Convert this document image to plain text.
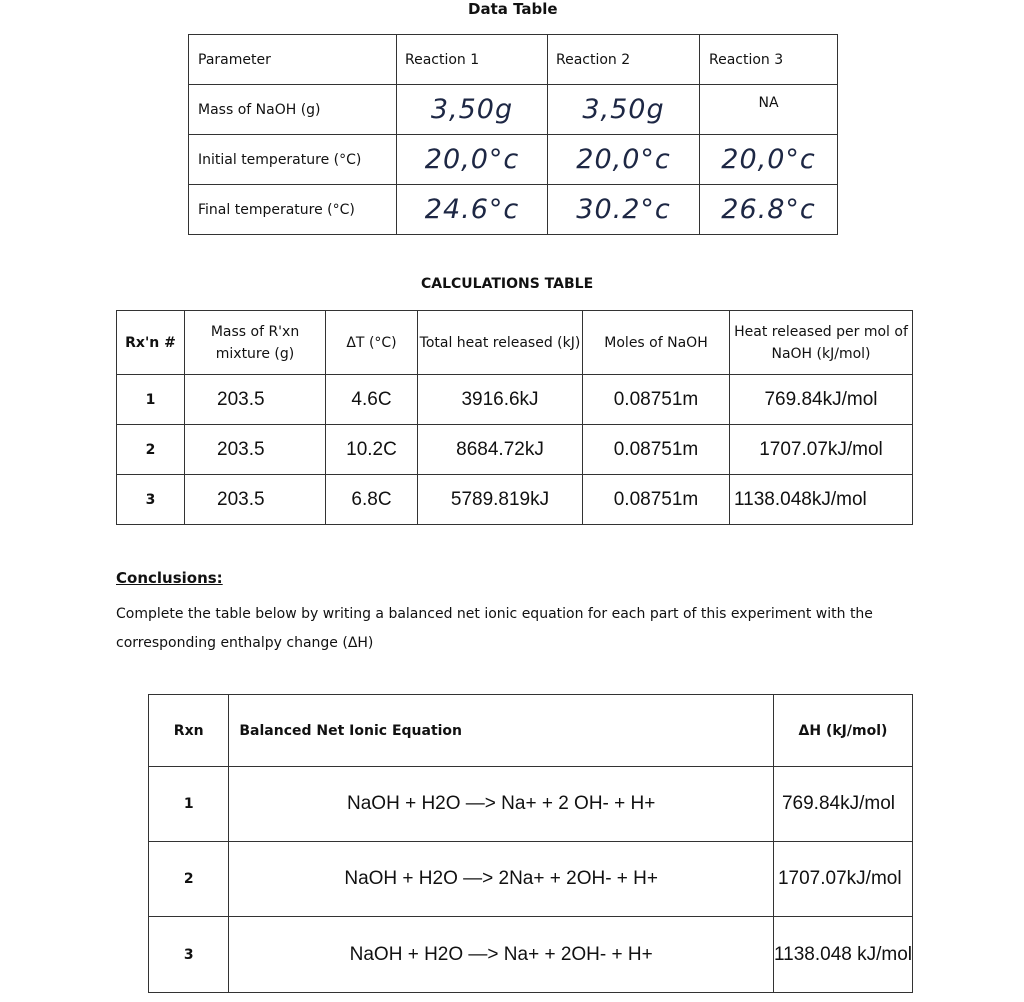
Data Table
Parameter	Reaction 1	Reaction 2	Reaction 3
Mass of NaOH (g)	3,50g	3,50g	NA
Initial temperature (°C)	20,0°c	20,0°c	20,0°c
Final temperature (°C)	24.6°c	30.2°c	26.8°c
CALCULATIONS TABLE
Rx'n #	Mass of R'xn mixture (g)	ΔT (°C)	Total heat released (kJ)	Moles of NaOH	Heat released per mol of NaOH (kJ/mol)
1	203.5	4.6C	3916.6kJ	0.08751m	769.84kJ/mol
2	203.5	10.2C	8684.72kJ	0.08751m	1707.07kJ/mol
3	203.5	6.8C	5789.819kJ	0.08751m	1138.048kJ/mol
Conclusions:
Complete the table below by writing a balanced net ionic equation for each part of this experiment with the corresponding enthalpy change (ΔH)
Rxn	Balanced Net Ionic Equation	ΔH (kJ/mol)
1	NaOH + H2O —> Na+ + 2 OH- + H+	769.84kJ/mol
2	NaOH + H2O —> 2Na+ + 2OH- + H+	1707.07kJ/mol
3	NaOH + H2O —> Na+ + 2OH- + H+	1138.048 kJ/mol
